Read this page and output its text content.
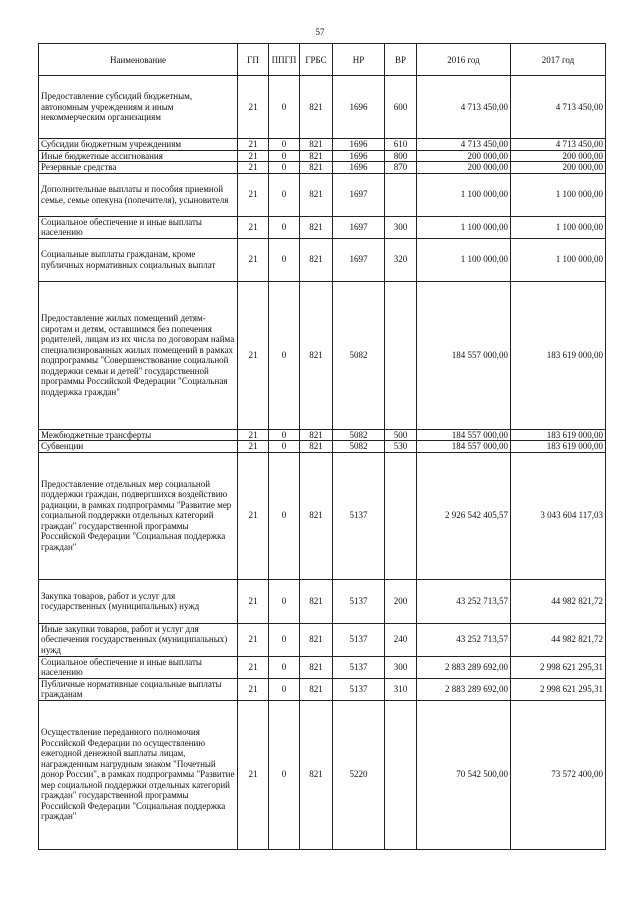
57
Наименование	ГП	ППГП	ГРБС	НР	ВР	2016 год	2017 год
Предоставление субсидий бюджетным, автономным учреждениям и иным некоммерческим организациям	21	0	821	1696	600	4 713 450,00	4 713 450,00
Субсидии бюджетным учреждениям	21	0	821	1696	610	4 713 450,00	4 713 450,00
Иные бюджетные ассигнования	21	0	821	1696	800	200 000,00	200 000,00
Резервные средства	21	0	821	1696	870	200 000,00	200 000,00
Дополнительные выплаты и пособия приемной семье, семье опекуна (попечителя), усыновителя	21	0	821	1697		1 100 000,00	1 100 000,00
Социальное обеспечение и иные выплаты населению	21	0	821	1697	300	1 100 000,00	1 100 000,00
Социальные выплаты гражданам, кроме публичных нормативных социальных выплат	21	0	821	1697	320	1 100 000,00	1 100 000,00
Предоставление жилых помещений детям-сиротам и детям, оставшимся без попечения родителей, лицам из их числа по договорам найма специализированных жилых помещений в рамках подпрограммы "Совершенствование социальной поддержки семьи и детей" государственной программы Российской Федерации "Социальная поддержка граждан"	21	0	821	5082		184 557 000,00	183 619 000,00
Межбюджетные трансферты	21	0	821	5082	500	184 557 000,00	183 619 000,00
Субвенции	21	0	821	5082	530	184 557 000,00	183 619 000,00
Предоставление отдельных мер социальной поддержки граждан, подвергшихся воздействию радиации, в рамках подпрограммы "Развитие мер социальной поддержки отдельных категорий граждан" государственной программы Российской Федерации "Социальная поддержка граждан"	21	0	821	5137		2 926 542 405,57	3 043 604 117,03
Закупка товаров, работ и услуг для государственных (муниципальных) нужд	21	0	821	5137	200	43 252 713,57	44 982 821,72
Иные закупки товаров, работ и услуг для обеспечения государственных (муниципальных) нужд	21	0	821	5137	240	43 252 713,57	44 982 821,72
Социальное обеспечение и иные выплаты населению	21	0	821	5137	300	2 883 289 692,00	2 998 621 295,31
Публичные нормативные социальные выплаты гражданам	21	0	821	5137	310	2 883 289 692,00	2 998 621 295,31
Осуществление переданного полномочия Российской Федерации по осуществлению ежегодной денежной выплаты лицам, награжденным нагрудным знаком "Почетный донор России", в рамках подпрограммы "Развитие мер социальной поддержки отдельных категорий граждан" государственной программы Российской Федерации "Социальная поддержка граждан"	21	0	821	5220		70 542 500,00	73 572 400,00
